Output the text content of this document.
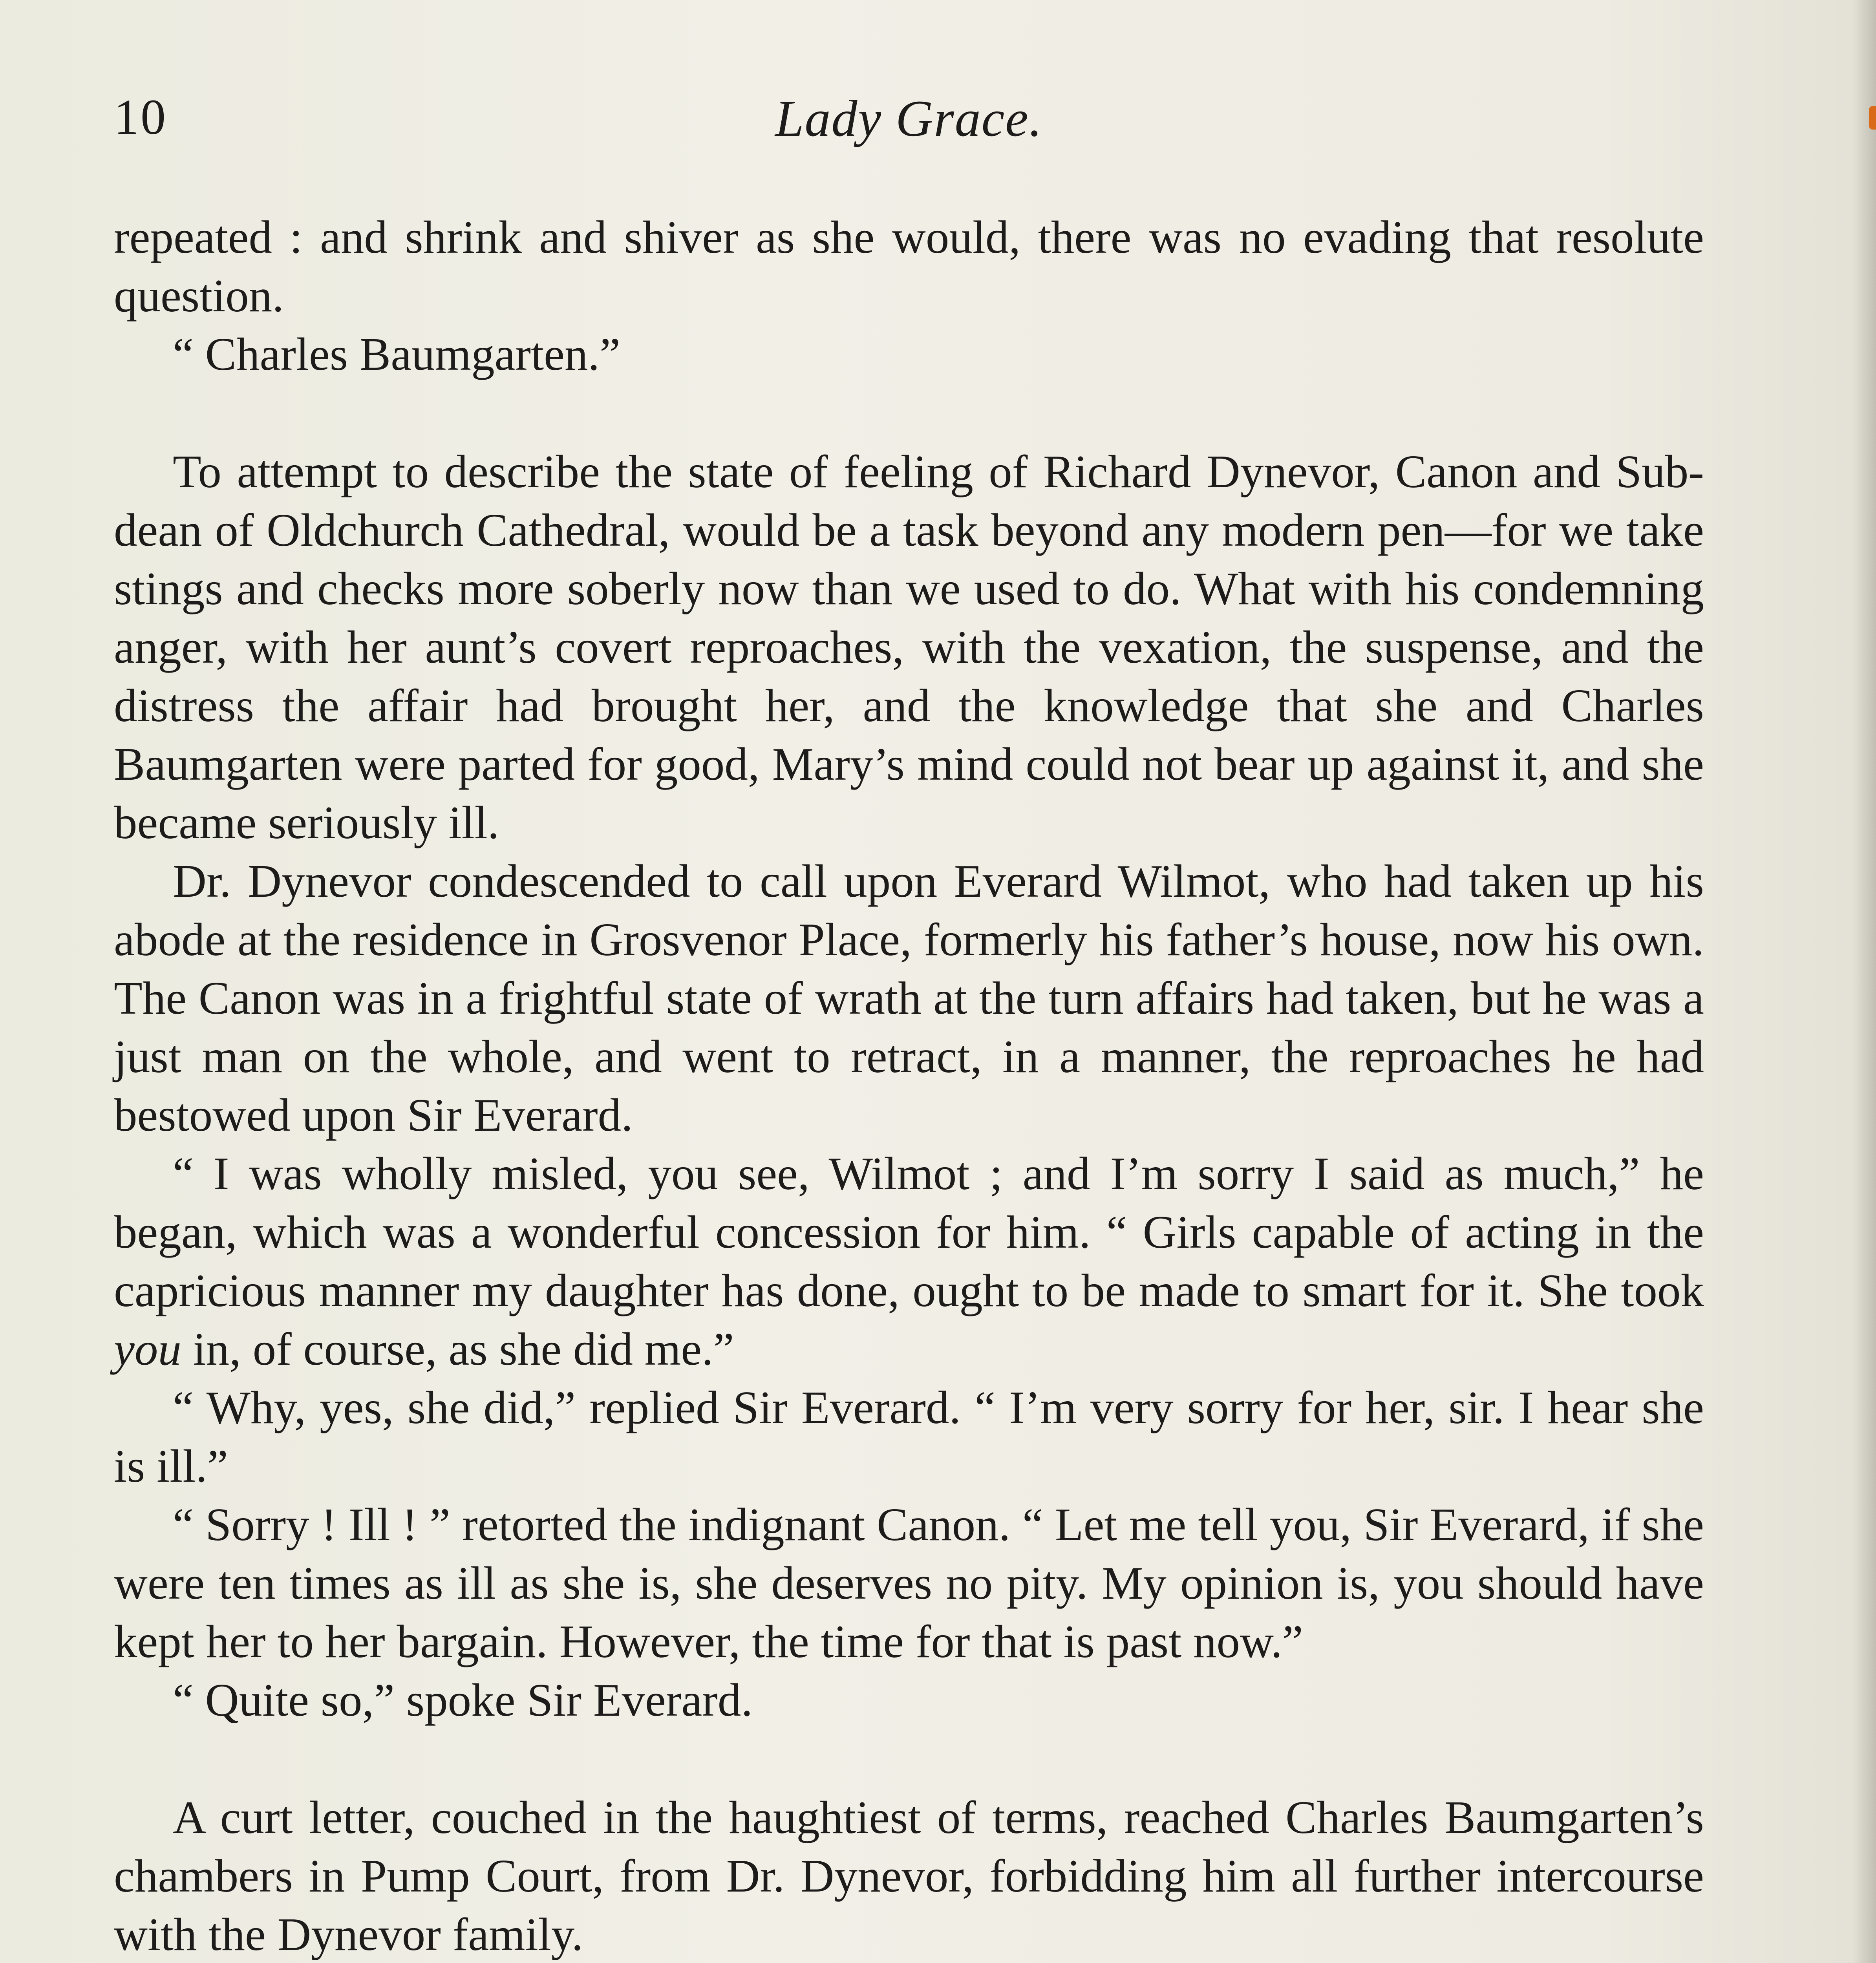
10	Lady Grace.

repeated : and shrink and shiver as she would, there was no evading that resolute question.

“ Charles Baumgarten.”

To attempt to describe the state of feeling of Richard Dynevor, Canon and Sub-dean of Oldchurch Cathedral, would be a task beyond any modern pen—for we take stings and checks more soberly now than we used to do. What with his condemning anger, with her aunt’s covert reproaches, with the vexation, the suspense, and the distress the affair had brought her, and the knowledge that she and Charles Baumgarten were parted for good, Mary’s mind could not bear up against it, and she became seriously ill.

Dr. Dynevor condescended to call upon Everard Wilmot, who had taken up his abode at the residence in Grosvenor Place, formerly his father’s house, now his own. The Canon was in a frightful state of wrath at the turn affairs had taken, but he was a just man on the whole, and went to retract, in a manner, the reproaches he had bestowed upon Sir Everard.

“ I was wholly misled, you see, Wilmot ; and I’m sorry I said as much,” he began, which was a wonderful concession for him. “ Girls capable of acting in the capricious manner my daughter has done, ought to be made to smart for it. She took you in, of course, as she did me.”

“ Why, yes, she did,” replied Sir Everard. “ I’m very sorry for her, sir. I hear she is ill.”

“ Sorry ! Ill ! ” retorted the indignant Canon. “ Let me tell you, Sir Everard, if she were ten times as ill as she is, she deserves no pity. My opinion is, you should have kept her to her bargain. However, the time for that is past now.”

“ Quite so,” spoke Sir Everard.

A curt letter, couched in the haughtiest of terms, reached Charles Baumgarten’s chambers in Pump Court, from Dr. Dynevor, forbidding him all further intercourse with the Dynevor family.
